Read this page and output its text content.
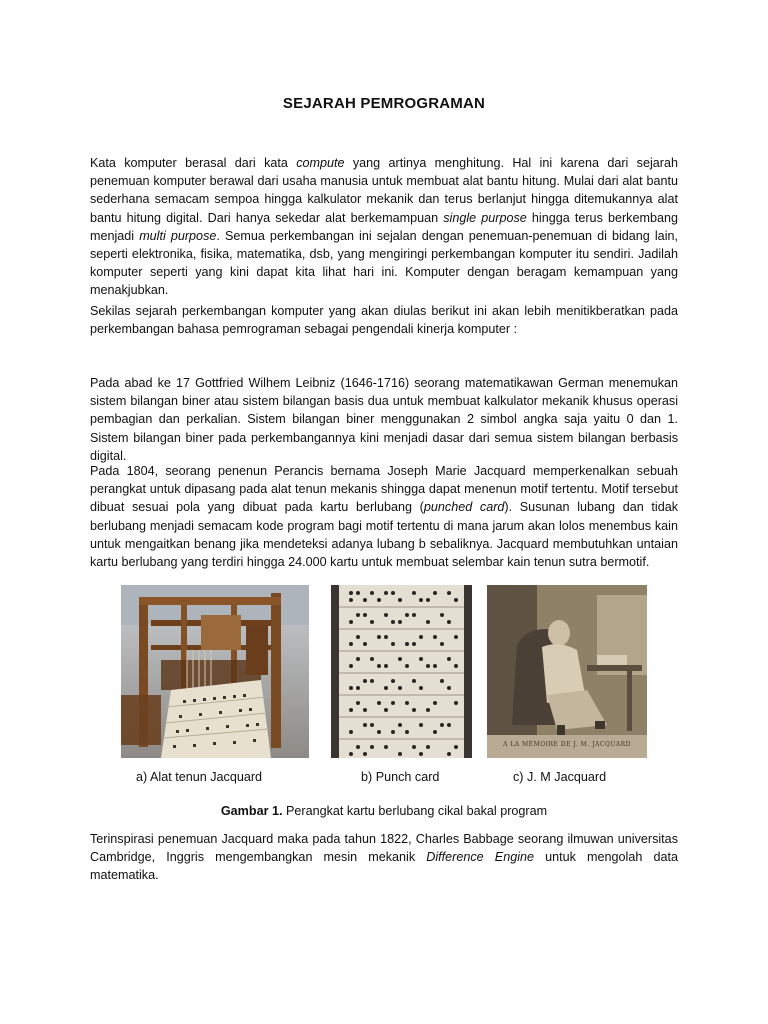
SEJARAH PEMROGRAMAN

Kata komputer berasal dari kata compute yang artinya menghitung. Hal ini karena dari sejarah penemuan komputer berawal dari usaha manusia untuk membuat alat bantu hitung. Mulai dari alat bantu sederhana semacam sempoa hingga kalkulator mekanik dan terus berlanjut hingga ditemukannya alat bantu hitung digital. Dari hanya sekedar alat berkemampuan single purpose hingga terus berkembang menjadi multi purpose. Semua perkembangan ini sejalan dengan penemuan-penemuan di bidang lain, seperti elektronika, fisika, matematika, dsb, yang mengiringi perkembangan komputer itu sendiri. Jadilah komputer seperti yang kini dapat kita lihat hari ini. Komputer dengan beragam kemampuan yang menakjubkan.

Sekilas sejarah perkembangan komputer yang akan diulas berikut ini akan lebih menitikberatkan pada perkembangan bahasa pemrograman sebagai pengendali kinerja komputer :

Pada abad ke 17 Gottfried Wilhem Leibniz (1646-1716) seorang matematikawan German menemukan sistem bilangan biner atau sistem bilangan basis dua untuk membuat kalkulator mekanik khusus operasi pembagian dan perkalian. Sistem bilangan biner menggunakan 2 simbol angka saja yaitu 0 dan 1. Sistem bilangan biner pada perkembangannya kini menjadi dasar dari semua sistem bilangan berbasis digital.

Pada 1804, seorang penenun Perancis bernama Joseph Marie Jacquard memperkenalkan sebuah perangkat untuk dipasang pada alat tenun mekanis shingga dapat menenun motif tertentu. Motif tersebut dibuat sesuai pola yang dibuat pada kartu berlubang (punched card). Susunan lubang dan tidak berlubang menjadi semacam kode program bagi motif tertentu di mana jarum akan lolos menembus kain untuk mengaitkan benang jika mendeteksi adanya lubang b sebaliknya. Jacquard membutuhkan untaian kartu berlubang yang terdiri hingga 24.000 kartu untuk membuat selembar kain tenun sutra bermotif.

A LA MÉMOIRE DE J. M. JACQUARD
a) Alat tenun Jacquard	b) Punch card	c) J. M Jacquard
Gambar 1. Perangkat kartu berlubang cikal bakal program

Terinspirasi penemuan Jacquard maka pada tahun 1822, Charles Babbage seorang ilmuwan universitas Cambridge, Inggris mengembangkan mesin mekanik Difference Engine untuk mengolah data matematika.
